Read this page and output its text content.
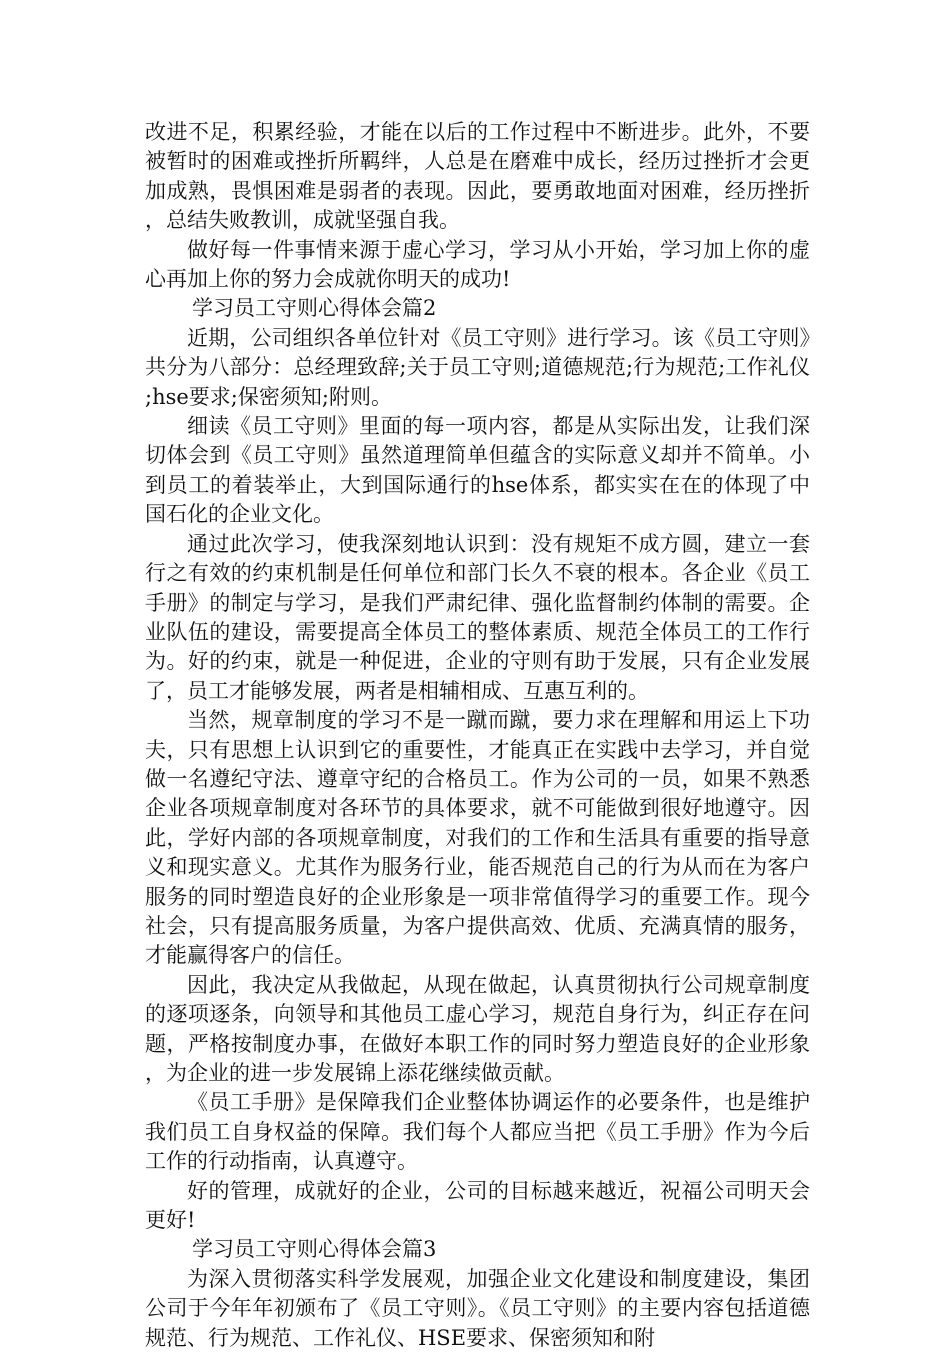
改进不足，积累经验，才能在以后的工作过程中不断进步。此外，不要被暂时的困难或挫折所羁绊，人总是在磨难中成长，经历过挫折才会更加成熟，畏惧困难是弱者的表现。因此，要勇敢地面对困难，经历挫折，总结失败教训，成就坚强自我。

做好每一件事情来源于虚心学习，学习从小开始，学习加上你的虚心再加上你的努力会成就你明天的成功!

学习员工守则心得体会篇2

近期，公司组织各单位针对《员工守则》进行学习。该《员工守则》共分为八部分：总经理致辞;关于员工守则;道德规范;行为规范;工作礼仪;hse要求;保密须知;附则。

细读《员工守则》里面的每一项内容，都是从实际出发，让我们深切体会到《员工守则》虽然道理简单但蕴含的实际意义却并不简单。小到员工的着装举止，大到国际通行的hse体系，都实实在在的体现了中国石化的企业文化。

通过此次学习，使我深刻地认识到：没有规矩不成方圆，建立一套行之有效的约束机制是任何单位和部门长久不衰的根本。各企业《员工手册》的制定与学习，是我们严肃纪律、强化监督制约体制的需要。企业队伍的建设，需要提高全体员工的整体素质、规范全体员工的工作行为。好的约束，就是一种促进，企业的守则有助于发展，只有企业发展了，员工才能够发展，两者是相辅相成、互惠互利的。

当然，规章制度的学习不是一蹴而蹴，要力求在理解和用运上下功夫，只有思想上认识到它的重要性，才能真正在实践中去学习，并自觉做一名遵纪守法、遵章守纪的合格员工。作为公司的一员，如果不熟悉企业各项规章制度对各环节的具体要求，就不可能做到很好地遵守。因此，学好内部的各项规章制度，对我们的工作和生活具有重要的指导意义和现实意义。尤其作为服务行业，能否规范自己的行为从而在为客户服务的同时塑造良好的企业形象是一项非常值得学习的重要工作。现今社会，只有提高服务质量，为客户提供高效、优质、充满真情的服务，才能赢得客户的信任。

因此，我决定从我做起，从现在做起，认真贯彻执行公司规章制度的逐项逐条，向领导和其他员工虚心学习，规范自身行为，纠正存在问题，严格按制度办事，在做好本职工作的同时努力塑造良好的企业形象，为企业的进一步发展锦上添花继续做贡献。

《员工手册》是保障我们企业整体协调运作的必要条件，也是维护我们员工自身权益的保障。我们每个人都应当把《员工手册》作为今后工作的行动指南，认真遵守。

好的管理，成就好的企业，公司的目标越来越近，祝福公司明天会更好!

学习员工守则心得体会篇3

为深入贯彻落实科学发展观，加强企业文化建设和制度建设，集团公司于今年年初颁布了《员工守则》。《员工守则》的主要内容包括道德规范、行为规范、工作礼仪、HSE要求、保密须知和附
